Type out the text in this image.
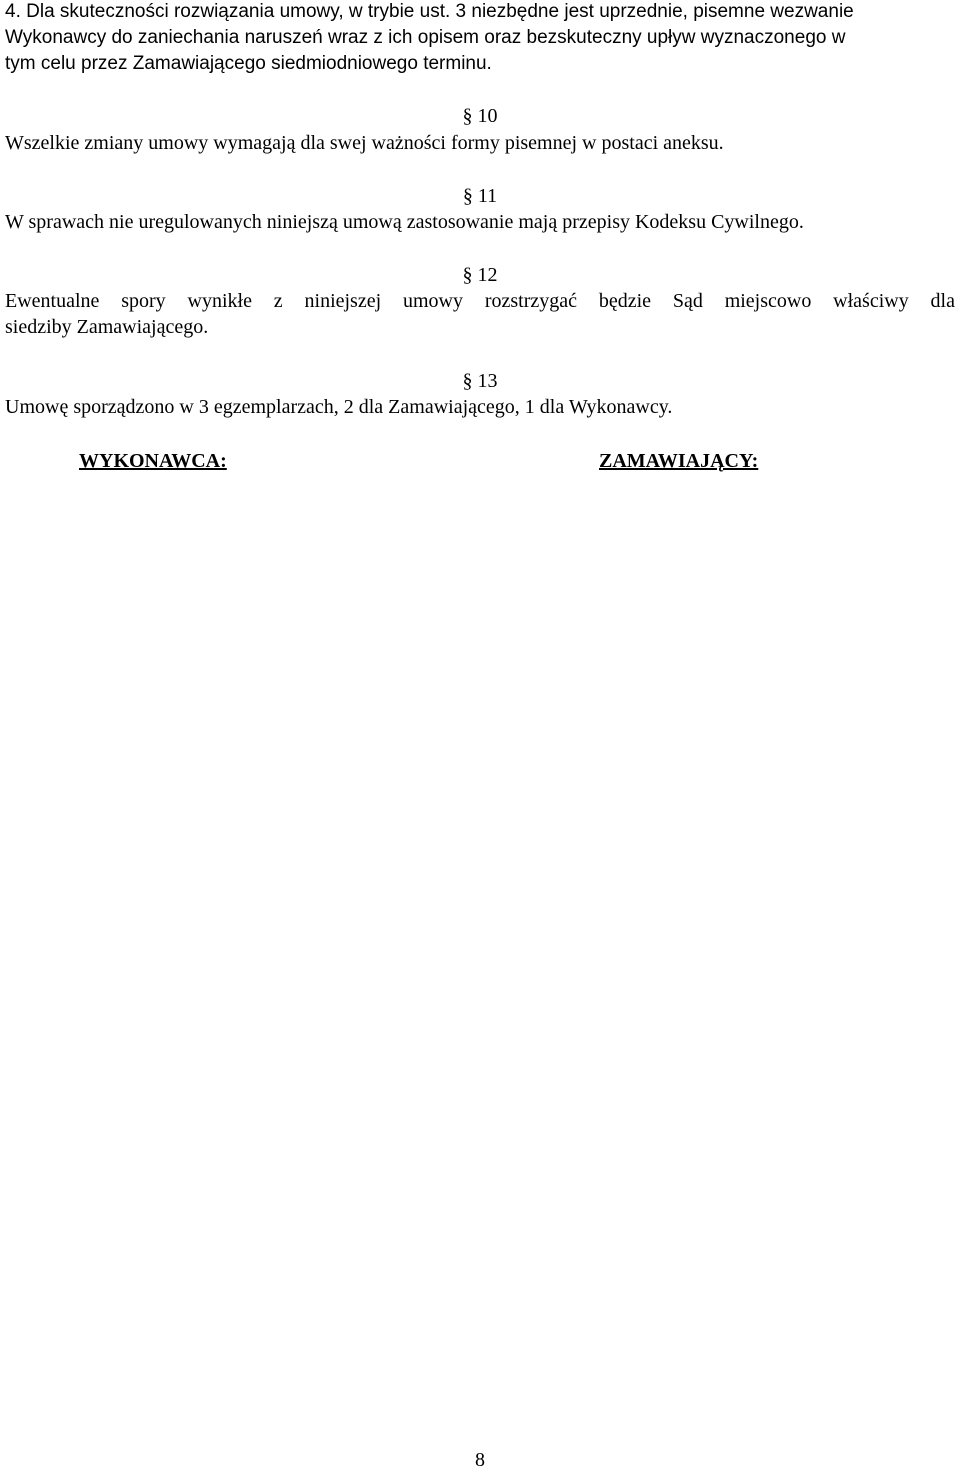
4. Dla skuteczności rozwiązania umowy, w trybie ust. 3 niezbędne jest uprzednie, pisemne wezwanie
Wykonawcy do zaniechania naruszeń wraz z ich opisem oraz bezskuteczny upływ wyznaczonego w
tym celu przez Zamawiającego siedmiodniowego terminu.
§ 10
Wszelkie zmiany umowy wymagają dla swej ważności formy pisemnej w postaci aneksu.
§ 11
W sprawach nie uregulowanych niniejszą umową zastosowanie mają przepisy Kodeksu Cywilnego.
§ 12
Ewentualne spory wynikłe z niniejszej umowy rozstrzygać będzie Sąd miejscowo właściwy dla
siedziby Zamawiającego.
§ 13
Umowę sporządzono w 3 egzemplarzach, 2 dla Zamawiającego, 1 dla Wykonawcy.
WYKONAWCA:	ZAMAWIAJĄCY:
8
